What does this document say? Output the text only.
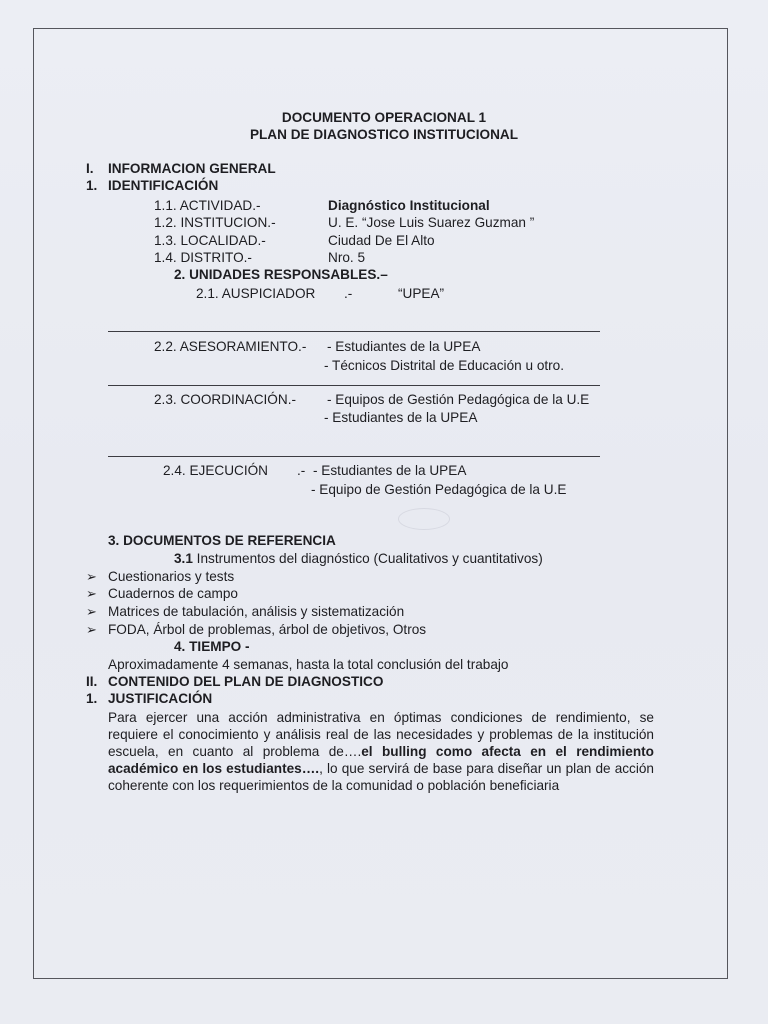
DOCUMENTO OPERACIONAL 1
PLAN DE DIAGNOSTICO INSTITUCIONAL
I. INFORMACION GENERAL
1. IDENTIFICACIÓN
1.1. ACTIVIDAD.-	Diagnóstico Institucional
1.2. INSTITUCION.-	U. E. “Jose Luis Suarez Guzman ”
1.3. LOCALIDAD.-	Ciudad De El Alto
1.4. DISTRITO.-	Nro. 5
2. UNIDADES RESPONSABLES.–
2.1. AUSPICIADOR .-	“UPEA”
2.2. ASESORAMIENTO.- - Estudiantes de la UPEA
- Técnicos Distrital de Educación u otro.
2.3. COORDINACIÓN.- - Equipos de Gestión Pedagógica de la U.E
- Estudiantes de la UPEA
2.4. EJECUCIÓN .- - Estudiantes de la UPEA
- Equipo de Gestión Pedagógica de la U.E
3. DOCUMENTOS DE REFERENCIA
3.1 Instrumentos del diagnóstico (Cualitativos y cuantitativos)
➢ Cuestionarios y tests
➢ Cuadernos de campo
➢ Matrices de tabulación, análisis y sistematización
➢ FODA, Árbol de problemas, árbol de objetivos, Otros
4. TIEMPO -
Aproximadamente 4 semanas, hasta la total conclusión del trabajo
II. CONTENIDO DEL PLAN DE DIAGNOSTICO
1. JUSTIFICACIÓN
Para ejercer una acción administrativa en óptimas condiciones de rendimiento, se requiere el conocimiento y análisis real de las necesidades y problemas de la institución escuela, en cuanto al problema de….el bulling como afecta en el rendimiento académico en los estudiantes…., lo que servirá de base para diseñar un plan de acción coherente con los requerimientos de la comunidad o población beneficiaria
